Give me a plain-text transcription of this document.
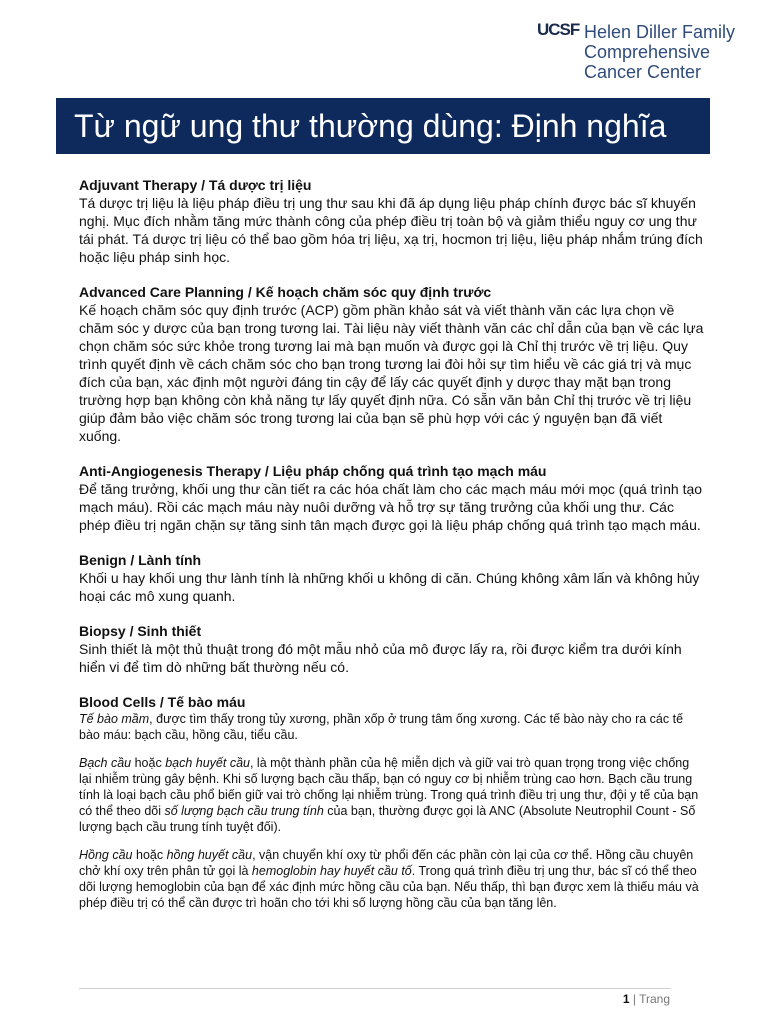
UCSF Helen Diller Family
Comprehensive
Cancer Center
Từ ngữ ung thư thường dùng: Định nghĩa
Adjuvant Therapy / Tá dược trị liệu
Tá dược trị liệu là liệu pháp điều trị ung thư sau khi đã áp dụng liệu pháp chính được bác sĩ khuyến nghị. Mục đích nhằm tăng mức thành công của phép điều trị toàn bộ và giảm thiểu nguy cơ ung thư tái phát. Tá dược trị liệu có thể bao gồm hóa trị liệu, xạ trị, hocmon trị liệu, liệu pháp nhắm trúng đích hoặc liệu pháp sinh học.
Advanced Care Planning / Kế hoạch chăm sóc quy định trước
Kế hoạch chăm sóc quy định trước (ACP) gồm phần khảo sát và viết thành văn các lựa chọn về chăm sóc y dược của bạn trong tương lai. Tài liệu này viết thành văn các chỉ dẫn của bạn về các lựa chọn chăm sóc sức khỏe trong tương lai mà bạn muốn và được gọi là Chỉ thị trước về trị liệu. Quy trình quyết định về cách chăm sóc cho bạn trong tương lai đòi hỏi sự tìm hiểu về các giá trị và mục đích của bạn, xác định một người đáng tin cậy để lấy các quyết định y dược thay mặt bạn trong trường hợp bạn không còn khả năng tự lấy quyết định nữa. Có sẵn văn bản Chỉ thị trước về trị liệu giúp đảm bảo việc chăm sóc trong tương lai của bạn sẽ phù hợp với các ý nguyện bạn đã viết xuống.
Anti-Angiogenesis Therapy / Liệu pháp chống quá trình tạo mạch máu
Để tăng trưởng, khối ung thư cần tiết ra các hóa chất làm cho các mạch máu mới mọc (quá trình tạo mạch máu). Rồi các mạch máu này nuôi dưỡng và hỗ trợ sự tăng trưởng của khối ung thư. Các phép điều trị ngăn chặn sự tăng sinh tân mạch được gọi là liệu pháp chống quá trình tạo mạch máu.
Benign / Lành tính
Khối u hay khối ung thư lành tính là những khối u không di căn. Chúng không xâm lấn và không hủy hoại các mô xung quanh.
Biopsy / Sinh thiết
Sinh thiết là một thủ thuật trong đó một mẫu nhỏ của mô được lấy ra, rồi được kiểm tra dưới kính hiển vi để tìm dò những bất thường nếu có.
Blood Cells / Tế bào máu
Tế bào mầm, được tìm thấy trong tủy xương, phần xốp ở trung tâm ống xương. Các tế bào này cho ra các tế bào máu: bạch cầu, hồng cầu, tiểu cầu.
Bạch cầu hoặc bạch huyết cầu, là một thành phần của hệ miễn dịch và giữ vai trò quan trọng trong việc chống lại nhiễm trùng gây bệnh. Khi số lượng bạch cầu thấp, bạn có nguy cơ bị nhiễm trùng cao hơn. Bạch cầu trung tính là loại bạch cầu phổ biến giữ vai trò chống lại nhiễm trùng. Trong quá trình điều trị ung thư, đội y tế của bạn có thể theo dõi số lượng bạch cầu trung tính của bạn, thường được gọi là ANC (Absolute Neutrophil Count - Số lượng bạch cầu trung tính tuyệt đối).
Hồng cầu hoặc hồng huyết cầu, vận chuyển khí oxy từ phổi đến các phần còn lại của cơ thể. Hồng cầu chuyên chở khí oxy trên phân tử gọi là hemoglobin hay huyết cầu tố. Trong quá trình điều trị ung thư, bác sĩ có thể theo dõi lượng hemoglobin của bạn để xác định mức hồng cầu của bạn. Nếu thấp, thì bạn được xem là thiếu máu và phép điều trị có thể cần được trì hoãn cho tới khi số lượng hồng cầu của bạn tăng lên.
1 | Trang
